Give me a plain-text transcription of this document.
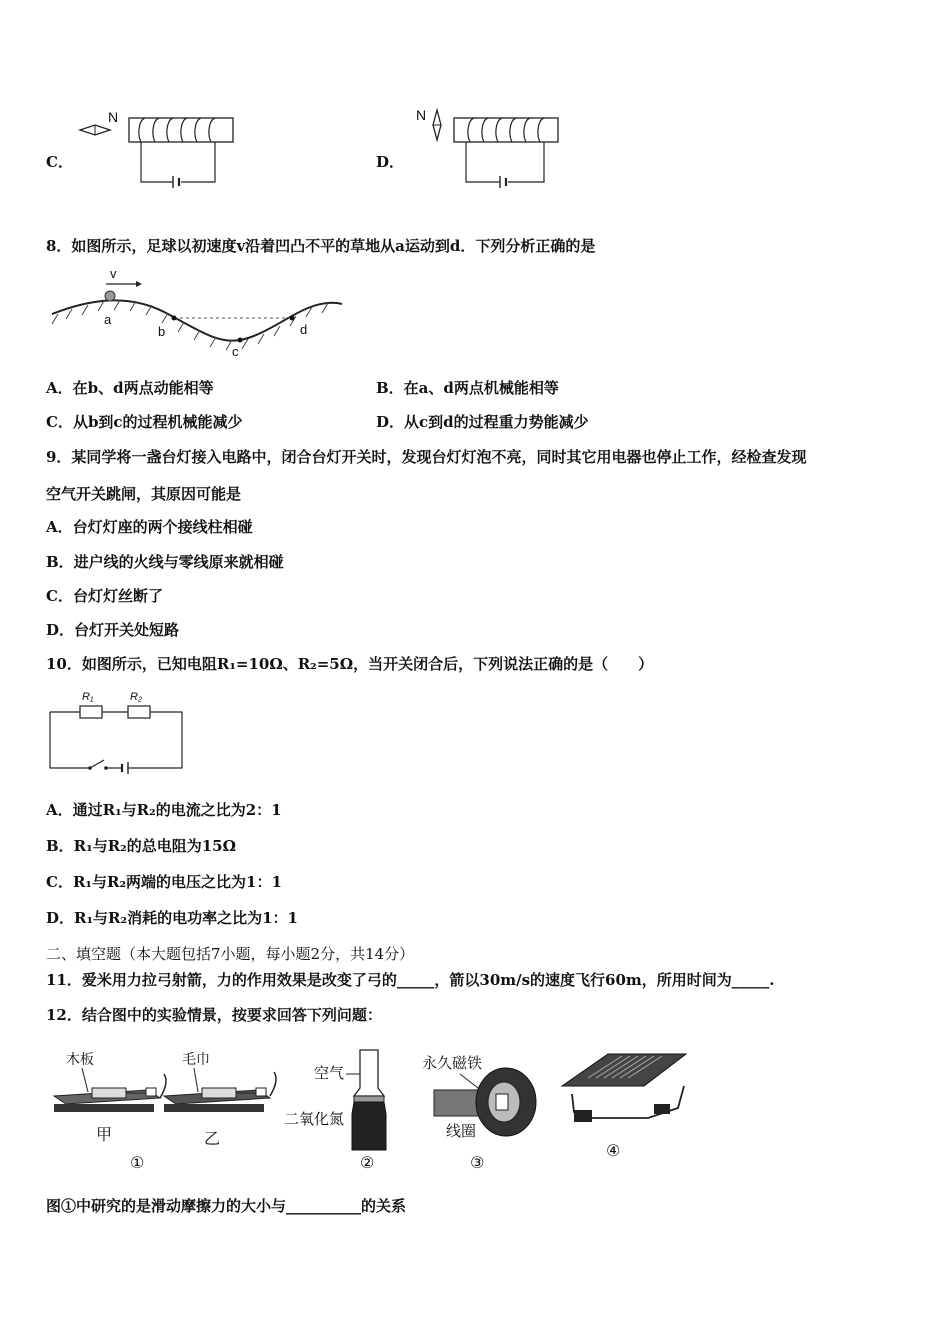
C．
N
D．
N
8．如图所示，足球以初速度v沿着凹凸不平的草地从a运动到d．下列分析正确的是
v
a
b
c
d
A．在b、d两点动能相等	B．在a、d两点机械能相等
C．从b到c的过程机械能减少	D．从c到d的过程重力势能减少
9．某同学将一盏台灯接入电路中，闭合台灯开关时，发现台灯灯泡不亮，同时其它用电器也停止工作，经检查发现
空气开关跳闸，其原因可能是
A．台灯灯座的两个接线柱相碰
B．进户线的火线与零线原来就相碰
C．台灯灯丝断了
D．台灯开关处短路
10．如图所示，已知电阻R₁=10Ω、R₂=5Ω，当开关闭合后，下列说法正确的是（　　）
R₁	R₂
A．通过R₁与R₂的电流之比为2：1
B．R₁与R₂的总电阻为15Ω
C．R₁与R₂两端的电压之比为1：1
D．R₁与R₂消耗的电功率之比为1：1
二、填空题（本大题包括7小题，每小题2分，共14分）
11．爱米用力拉弓射箭，力的作用效果是改变了弓的_____，箭以30m/s的速度飞行60m，所用时间为_____.
12．结合图中的实验情景，按要求回答下列问题：
木板
甲
毛巾
乙
①
空气
二氧化氮
②
永久磁铁
线圈
③
④
图①中研究的是滑动摩擦力的大小与__________的关系
